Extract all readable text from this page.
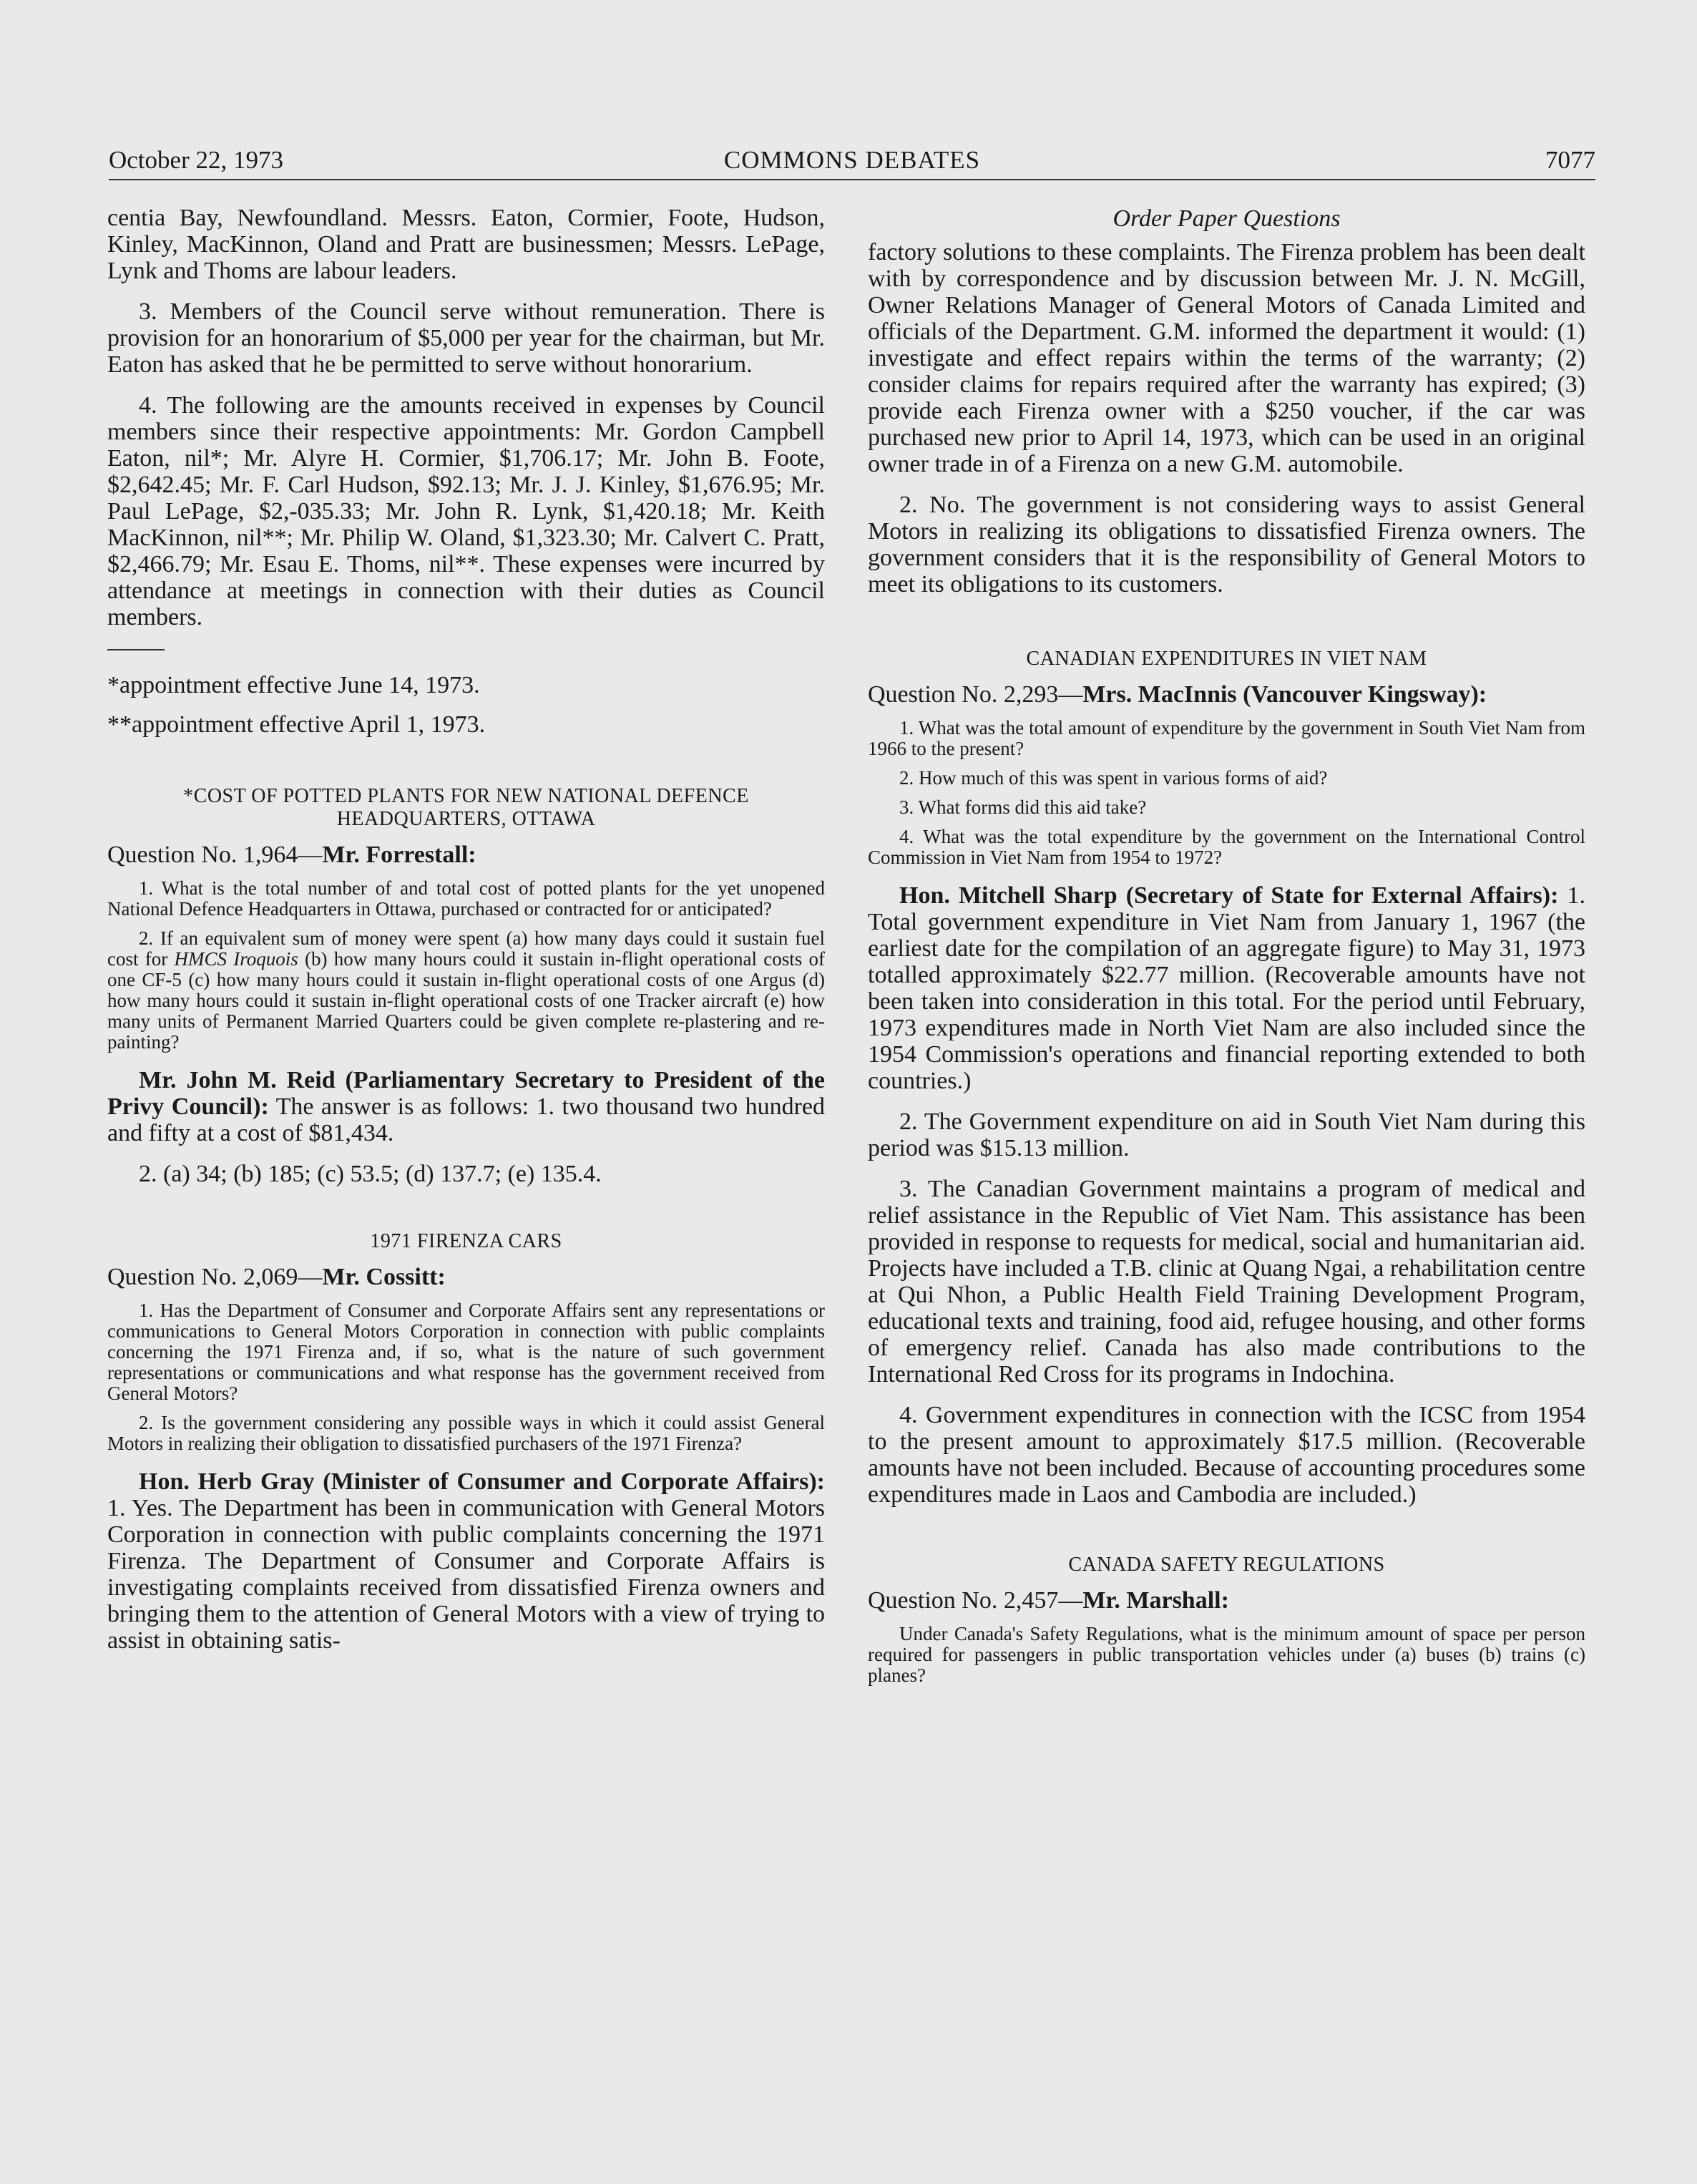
October 22, 1973	COMMONS DEBATES	7077

centia Bay, Newfoundland. Messrs. Eaton, Cormier, Foote, Hudson, Kinley, MacKinnon, Oland and Pratt are businessmen; Messrs. LePage, Lynk and Thoms are labour leaders.

3. Members of the Council serve without remuneration. There is provision for an honorarium of $5,000 per year for the chairman, but Mr. Eaton has asked that he be permitted to serve without honorarium.

4. The following are the amounts received in expenses by Council members since their respective appointments: Mr. Gordon Campbell Eaton, nil*; Mr. Alyre H. Cormier, $1,706.17; Mr. John B. Foote, $2,642.45; Mr. F. Carl Hudson, $92.13; Mr. J. J. Kinley, $1,676.95; Mr. Paul LePage, $2,-035.33; Mr. John R. Lynk, $1,420.18; Mr. Keith MacKinnon, nil**; Mr. Philip W. Oland, $1,323.30; Mr. Calvert C. Pratt, $2,466.79; Mr. Esau E. Thoms, nil**. These expenses were incurred by attendance at meetings in connection with their duties as Council members.

*appointment effective June 14, 1973.

**appointment effective April 1, 1973.

*COST OF POTTED PLANTS FOR NEW NATIONAL DEFENCE

HEADQUARTERS, OTTAWA

Question No. 1,964—Mr. Forrestall:

1. What is the total number of and total cost of potted plants for the yet unopened National Defence Headquarters in Ottawa, purchased or contracted for or anticipated?

2. If an equivalent sum of money were spent (a) how many days could it sustain fuel cost for HMCS Iroquois (b) how many hours could it sustain in-flight operational costs of one CF-5 (c) how many hours could it sustain in-flight operational costs of one Argus (d) how many hours could it sustain in-flight operational costs of one Tracker aircraft (e) how many units of Permanent Married Quarters could be given complete re-plastering and re-painting?

Mr. John M. Reid (Parliamentary Secretary to President of the Privy Council): The answer is as follows: 1. two thousand two hundred and fifty at a cost of $81,434.

2. (a) 34; (b) 185; (c) 53.5; (d) 137.7; (e) 135.4.

1971 FIRENZA CARS

Question No. 2,069—Mr. Cossitt:

1. Has the Department of Consumer and Corporate Affairs sent any representations or communications to General Motors Corporation in connection with public complaints concerning the 1971 Firenza and, if so, what is the nature of such government representations or communications and what response has the government received from General Motors?

2. Is the government considering any possible ways in which it could assist General Motors in realizing their obligation to dissatisfied purchasers of the 1971 Firenza?

Hon. Herb Gray (Minister of Consumer and Corporate Affairs): 1. Yes. The Department has been in communication with General Motors Corporation in connection with public complaints concerning the 1971 Firenza. The Department of Consumer and Corporate Affairs is investigating complaints received from dissatisfied Firenza owners and bringing them to the attention of General Motors with a view of trying to assist in obtaining satis-

Order Paper Questions

factory solutions to these complaints. The Firenza problem has been dealt with by correspondence and by discussion between Mr. J. N. McGill, Owner Relations Manager of General Motors of Canada Limited and officials of the Department. G.M. informed the department it would: (1) investigate and effect repairs within the terms of the warranty; (2) consider claims for repairs required after the warranty has expired; (3) provide each Firenza owner with a $250 voucher, if the car was purchased new prior to April 14, 1973, which can be used in an original owner trade in of a Firenza on a new G.M. automobile.

2. No. The government is not considering ways to assist General Motors in realizing its obligations to dissatisfied Firenza owners. The government considers that it is the responsibility of General Motors to meet its obligations to its customers.

CANADIAN EXPENDITURES IN VIET NAM

Question No. 2,293—Mrs. MacInnis (Vancouver Kingsway):

1. What was the total amount of expenditure by the government in South Viet Nam from 1966 to the present?

2. How much of this was spent in various forms of aid?

3. What forms did this aid take?

4. What was the total expenditure by the government on the International Control Commission in Viet Nam from 1954 to 1972?

Hon. Mitchell Sharp (Secretary of State for External Affairs): 1. Total government expenditure in Viet Nam from January 1, 1967 (the earliest date for the compilation of an aggregate figure) to May 31, 1973 totalled approximately $22.77 million. (Recoverable amounts have not been taken into consideration in this total. For the period until February, 1973 expenditures made in North Viet Nam are also included since the 1954 Commission's operations and financial reporting extended to both countries.)

2. The Government expenditure on aid in South Viet Nam during this period was $15.13 million.

3. The Canadian Government maintains a program of medical and relief assistance in the Republic of Viet Nam. This assistance has been provided in response to requests for medical, social and humanitarian aid. Projects have included a T.B. clinic at Quang Ngai, a rehabilitation centre at Qui Nhon, a Public Health Field Training Development Program, educational texts and training, food aid, refugee housing, and other forms of emergency relief. Canada has also made contributions to the International Red Cross for its programs in Indochina.

4. Government expenditures in connection with the ICSC from 1954 to the present amount to approximately $17.5 million. (Recoverable amounts have not been included. Because of accounting procedures some expenditures made in Laos and Cambodia are included.)

CANADA SAFETY REGULATIONS

Question No. 2,457—Mr. Marshall:

Under Canada's Safety Regulations, what is the minimum amount of space per person required for passengers in public transportation vehicles under (a) buses (b) trains (c) planes?
